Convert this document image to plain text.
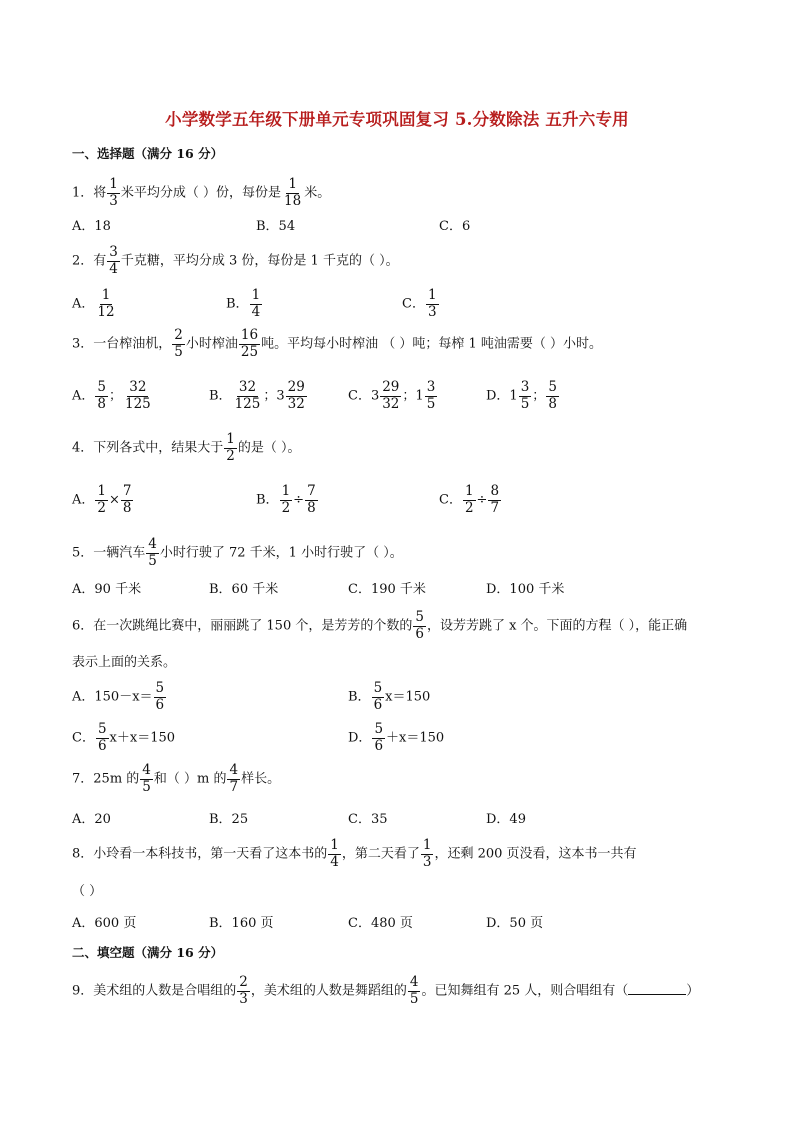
小学数学五年级下册单元专项巩固复习 5.分数除法 五升六专用
一、选择题（满分 16 分）
1．将 $\frac{1}{3}$ 米平均分成（ ）份，每份是 $\frac{1}{18}$ 米。
A．18	B．54	C．6
2．有 $\frac{3}{4}$ 千克糖，平均分成 3 份，每份是 1 千克的（ ）。
A． $\frac{1}{12}$	B． $\frac{1}{4}$	C． $\frac{1}{3}$
3．一台榨油机， $\frac{2}{5}$ 小时榨油 $\frac{16}{25}$ 吨。平均每小时榨油 （ ）吨；每榨 1 吨油需要（ ）小时。
A． $\frac{5}{8}$ ； $\frac{32}{125}$	B． $\frac{32}{125}$ ；$3 \frac{29}{32}$	C．$3 \frac{29}{32}$ ；$1 \frac{3}{5}$	D．$1 \frac{3}{5}$ ； $\frac{5}{8}$
4．下列各式中，结果大于 $\frac{1}{2}$ 的是（ ）。
A． $\frac{1}{2} \times \frac{7}{8}$	B． $\frac{1}{2} \div \frac{7}{8}$	C． $\frac{1}{2} \div \frac{8}{7}$
5．一辆汽车 $\frac{4}{5}$ 小时行驶了 72 千米，1 小时行驶了（ ）。
A．90 千米	B．60 千米	C．190 千米	D．100 千米
6．在一次跳绳比赛中，丽丽跳了 150 个，是芳芳的个数的 $\frac{5}{6}$ ，设芳芳跳了 x 个。下面的方程（ ），能正确
表示上面的关系。
A．$150-x= \frac{5}{6}$	B． $\frac{5}{6} x=150$
C． $\frac{5}{6} x+x=150$	D． $\frac{5}{6} +x=150$
7．25m 的 $\frac{4}{5}$ 和（ ）m 的 $\frac{4}{7}$ 样长。
A．20	B．25	C．35	D．49
8．小玲看一本科技书，第一天看了这本书的 $\frac{1}{4}$ ，第二天看了 $\frac{1}{3}$ ，还剩 200 页没看，这本书一共有
（ ）
A．600 页	B．160 页	C．480 页	D．50 页
二、填空题（满分 16 分）
9．美术组的人数是合唱组的 $\frac{2}{3}$ ，美术组的人数是舞蹈组的 $\frac{4}{5}$ 。已知舞组有 25 人，则合唱组有（	）
